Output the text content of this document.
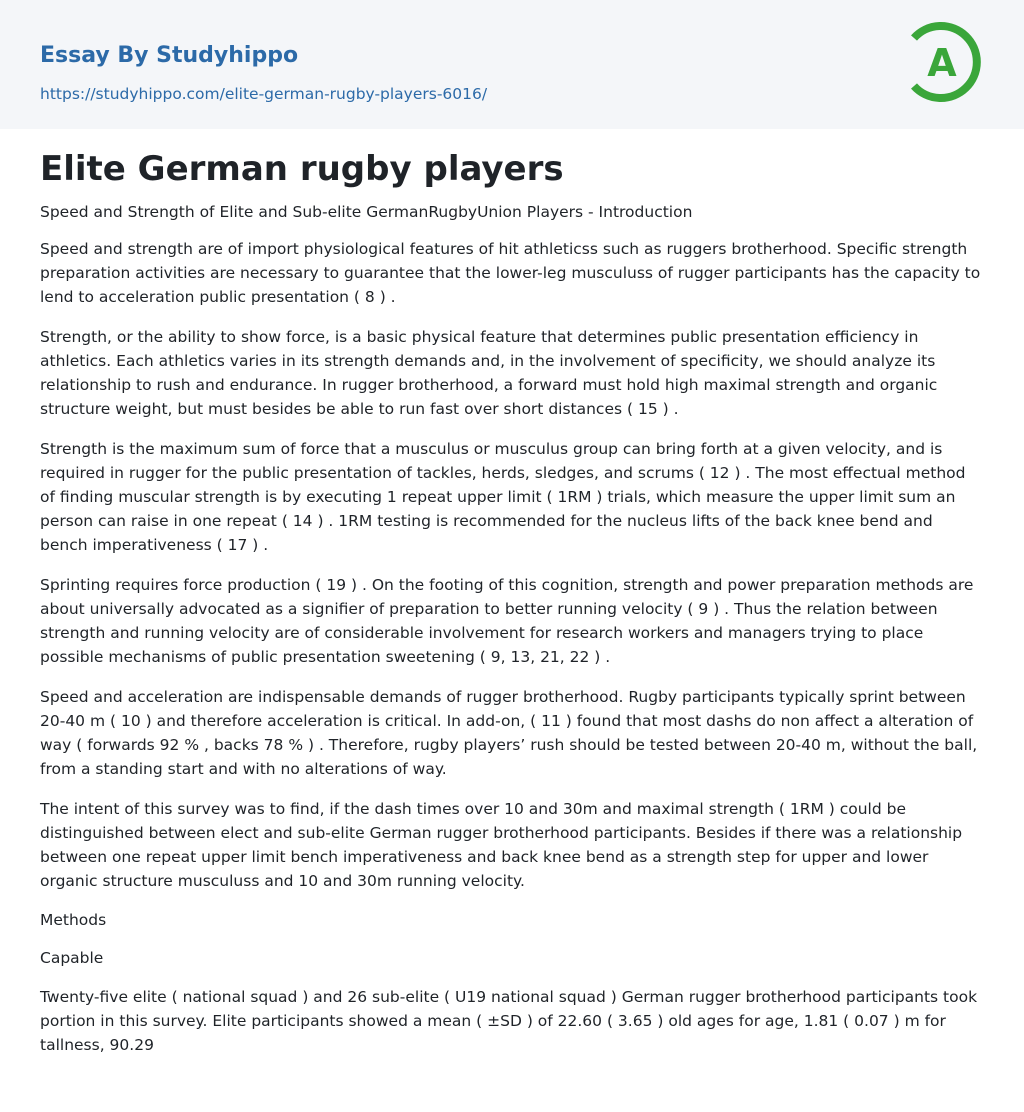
Essay By Studyhippo
https://studyhippo.com/elite-german-rugby-players-6016/
A
Elite German rugby players

Speed and Strength of Elite and Sub-elite GermanRugbyUnion Players - Introduction

Speed and strength are of import physiological features of hit athleticss such as ruggers brotherhood. Specific strength preparation activities are necessary to guarantee that the lower-leg musculuss of rugger participants has the capacity to lend to acceleration public presentation ( 8 ) .

Strength, or the ability to show force, is a basic physical feature that determines public presentation efficiency in athletics. Each athletics varies in its strength demands and, in the involvement of specificity, we should analyze its relationship to rush and endurance. In rugger brotherhood, a forward must hold high maximal strength and organic structure weight, but must besides be able to run fast over short distances ( 15 ) .

Strength is the maximum sum of force that a musculus or musculus group can bring forth at a given velocity, and is required in rugger for the public presentation of tackles, herds, sledges, and scrums ( 12 ) . The most effectual method of finding muscular strength is by executing 1 repeat upper limit ( 1RM ) trials, which measure the upper limit sum an person can raise in one repeat ( 14 ) . 1RM testing is recommended for the nucleus lifts of the back knee bend and bench imperativeness ( 17 ) .

Sprinting requires force production ( 19 ) . On the footing of this cognition, strength and power preparation methods are about universally advocated as a signifier of preparation to better running velocity ( 9 ) . Thus the relation between strength and running velocity are of considerable involvement for research workers and managers trying to place possible mechanisms of public presentation sweetening ( 9, 13, 21, 22 ) .

Speed and acceleration are indispensable demands of rugger brotherhood. Rugby participants typically sprint between 20-40 m ( 10 ) and therefore acceleration is critical. In add-on, ( 11 ) found that most dashs do non affect a alteration of way ( forwards 92 % , backs 78 % ) . Therefore, rugby players’ rush should be tested between 20-40 m, without the ball, from a standing start and with no alterations of way.

The intent of this survey was to find, if the dash times over 10 and 30m and maximal strength ( 1RM ) could be distinguished between elect and sub-elite German rugger brotherhood participants. Besides if there was a relationship between one repeat upper limit bench imperativeness and back knee bend as a strength step for upper and lower organic structure musculuss and 10 and 30m running velocity.

Methods

Capable

Twenty-five elite ( national squad ) and 26 sub-elite ( U19 national squad ) German rugger brotherhood participants took portion in this survey. Elite participants showed a mean ( ±SD ) of 22.60 ( 3.65 ) old ages for age, 1.81 ( 0.07 ) m for tallness, 90.29
